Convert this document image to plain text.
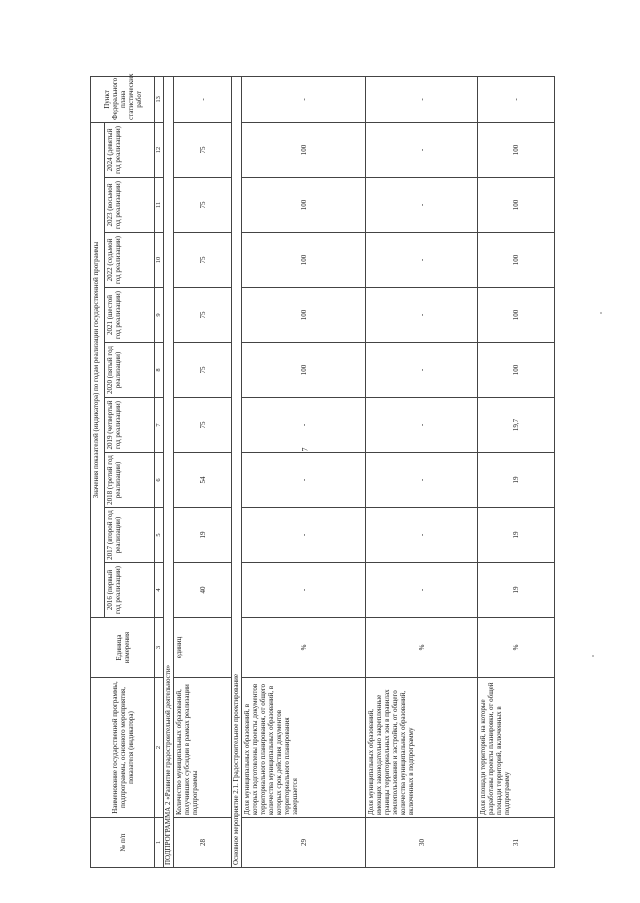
7
№ п/п	Наименование государственной программы, подпрограммы, основного мероприятия, показателя (индикатора)	Единица измерения	Значения показателей (индикатора) по годам реализации государственной программы									Пункт Федерального плана статистических работ
			2016 (первый год реализации)	2017 (второй год реализации)	2018 (третий год реализации)	2019 (четвертый год реализации)	2020 (пятый год реализации)	2021 (шестой год реализации)	2022 (седьмой год реализации)	2023 (восьмой год реализации)	2024 (девятый год реализации)	
1	2	3	4	5	6	7	8	9	10	11	12	13
ПОДПРОГРАММА 2 «Развитие градостроительной деятельности»												
28	Количество муниципальных образований, получивших субсидии в рамках реализации подпрограммы	единиц	40	19	54	75	75	75	75	75	75	-
Основное мероприятие 2.1. Градостроительное проектирование												
29	Доля муниципальных образований, в которых подготовлены проекты документов территориального планирования, от общего количества муниципальных образований, в которых срок действия документов территориального планирования завершается	%	-	-	-	-	100	100	100	100	100	-
30	Доля муниципальных образований, имеющих законодательно закрепленные границы территориальных зон в правилах землепользования и застройки, от общего количества муниципальных образований, включенных в подпрограмму	%	-	-	-	-	-	-	-	-	-	-
31	Доля площади территорий, на которые разработаны проекты планировки, от общей площади территорий, включенных в подпрограмму	%	19	19	19	19,7	100	100	100	100	100	-
